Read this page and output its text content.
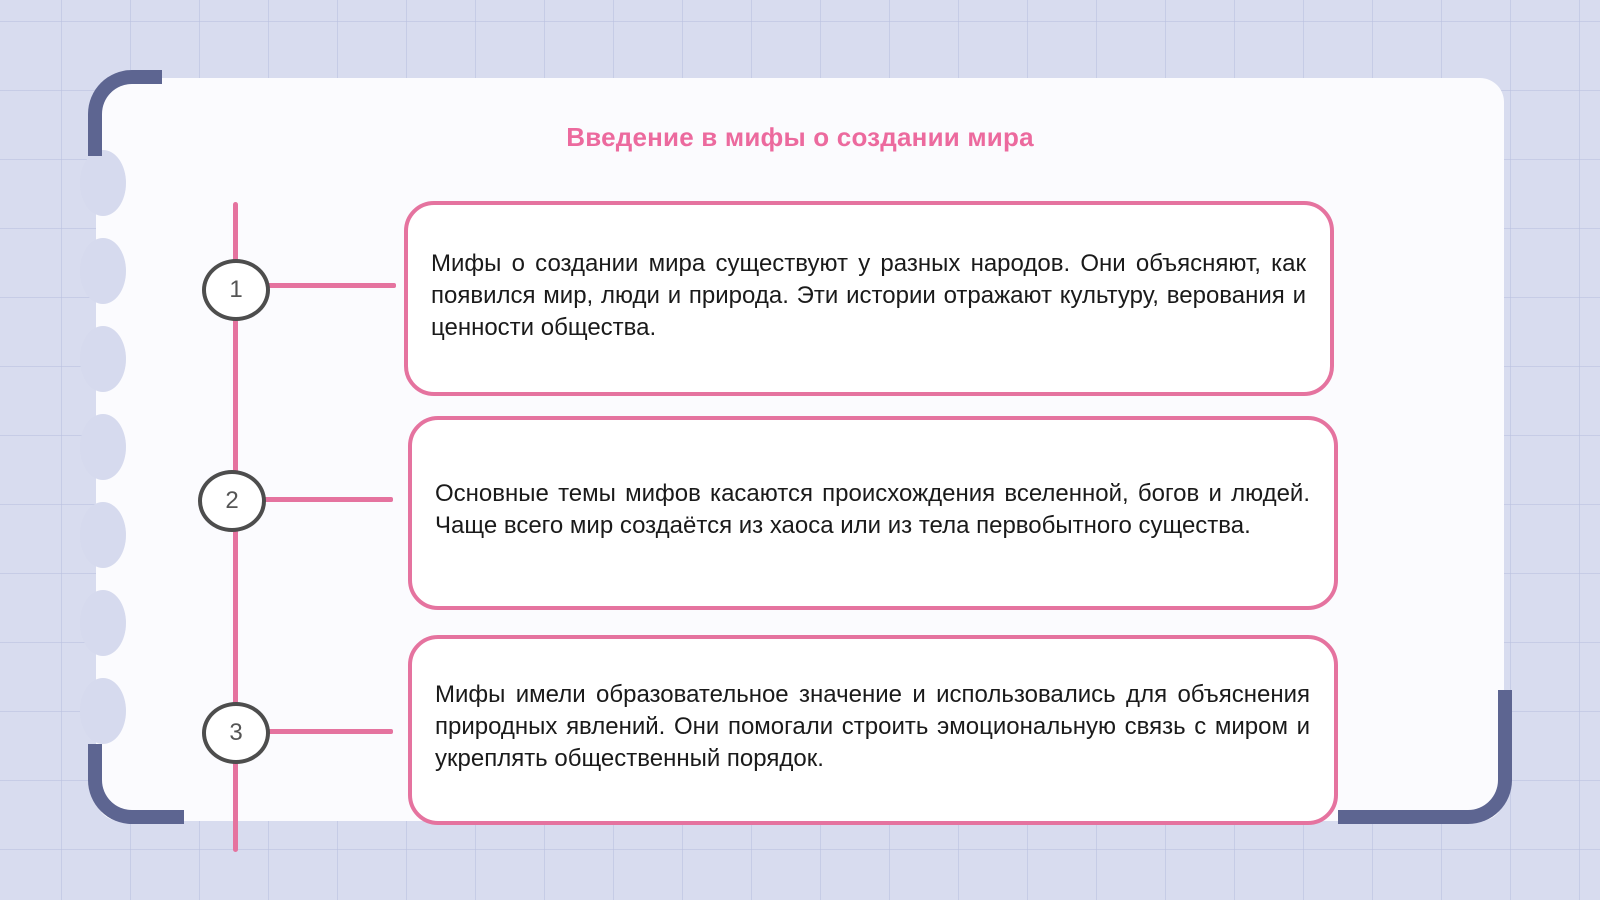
Введение в мифы о создании мира
1
2
3
Мифы о создании мира существуют у разных народов. Они объясняют, как появился мир, люди и природа. Эти истории отражают культуру, верования и ценности общества.
Основные темы мифов касаются происхождения вселенной, богов и людей. Чаще всего мир создаётся из хаоса или из тела первобытного существа.
Мифы имели образовательное значение и использовались для объяснения природных явлений. Они помогали строить эмоциональную связь с миром и укреплять общественный порядок.
